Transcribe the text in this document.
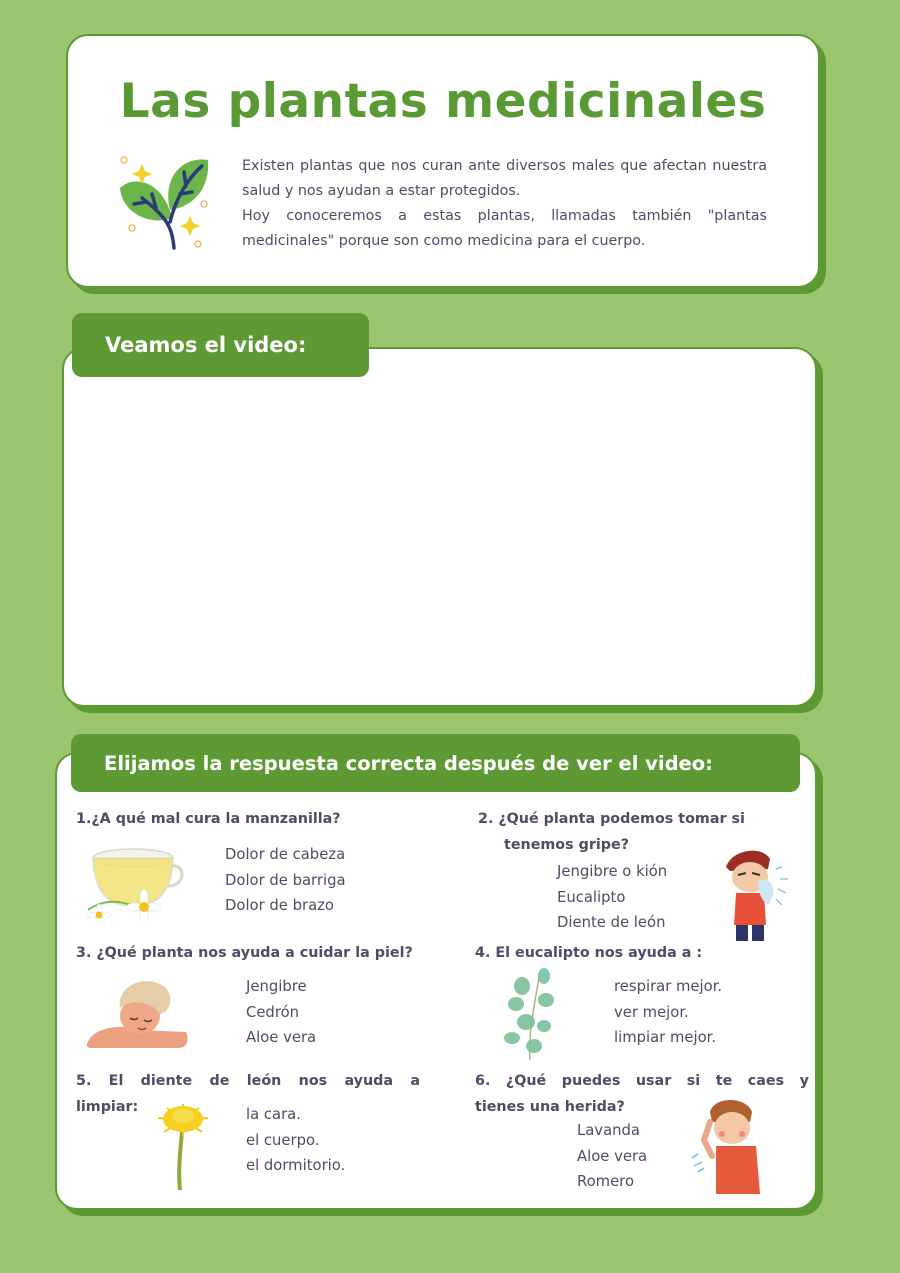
Las plantas medicinales

Existen plantas que nos curan ante diversos males que afectan nuestra salud y nos ayudan a estar protegidos.

Hoy conoceremos a estas plantas, llamadas también "plantas medicinales" porque son como medicina para el cuerpo.

Veamos el video:
Elijamos la respuesta correcta después de ver el video:
1.¿A qué mal cura la manzanilla?
Dolor de cabeza
Dolor de barriga
Dolor de brazo
2. ¿Qué planta podemos tomar si
tenemos gripe?
Jengibre o kión
Eucalipto
Diente de león
3. ¿Qué planta nos ayuda a cuidar la piel?
Jengibre
Cedrón
Aloe vera
4. El eucalipto nos ayuda a :
respirar mejor.
ver mejor.
limpiar mejor.
5. El diente de león nos ayuda a
limpiar:	la cara.
el cuerpo.
el dormitorio.
6. ¿Qué puedes usar si te caes y
tienes una herida?
Lavanda
Aloe vera
Romero
